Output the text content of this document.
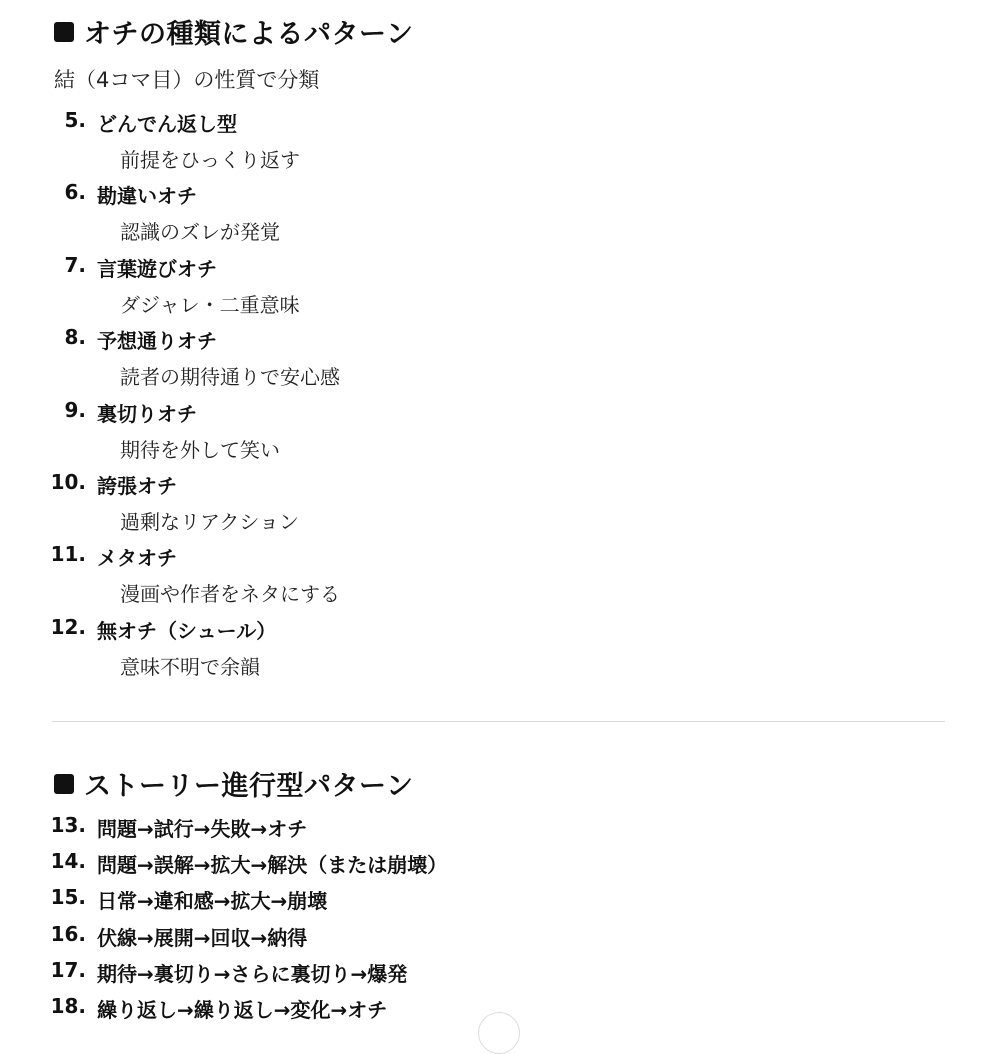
オチの種類によるパターン
結（4コマ目）の性質で分類
5. どんでん返し型
前提をひっくり返す
6. 勘違いオチ
認識のズレが発覚
7. 言葉遊びオチ
ダジャレ・二重意味
8. 予想通りオチ
読者の期待通りで安心感
9. 裏切りオチ
期待を外して笑い
10. 誇張オチ
過剰なリアクション
11. メタオチ
漫画や作者をネタにする
12. 無オチ（シュール）
意味不明で余韻
ストーリー進行型パターン
13. 問題→試行→失敗→オチ
14. 問題→誤解→拡大→解決（または崩壊）
15. 日常→違和感→拡大→崩壊
16. 伏線→展開→回収→納得
17. 期待→裏切り→さらに裏切り→爆発
18. 繰り返し→繰り返し→変化→オチ
